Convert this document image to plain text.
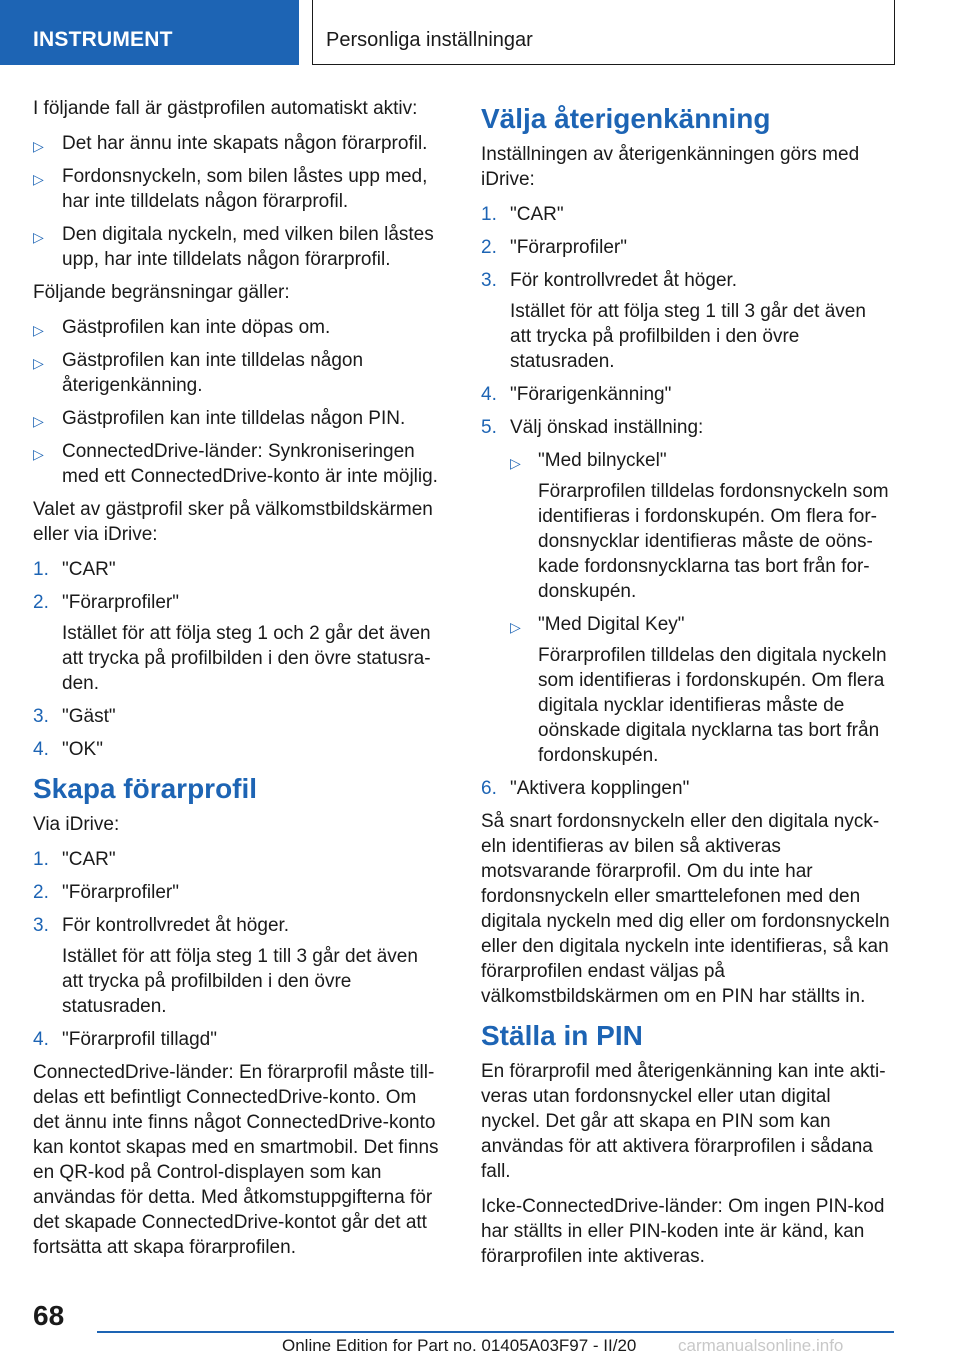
INSTRUMENT	Personliga inställningar

I följande fall är gästprofilen automatiskt aktiv:

▷ Det har ännu inte skapats någon förarprofil.
▷ Fordonsnyckeln, som bilen låstes upp med, har inte tilldelats någon förarprofil.
▷ Den digitala nyckeln, med vilken bilen låstes upp, har inte tilldelats någon förarprofil.

Följande begränsningar gäller:

▷ Gästprofilen kan inte döpas om.
▷ Gästprofilen kan inte tilldelas någon återigenkänning.
▷ Gästprofilen kan inte tilldelas någon PIN.
▷ ConnectedDrive-länder: Synkroniseringen med ett ConnectedDrive-konto är inte möjlig.

Valet av gästprofil sker på välkomstbildskärmen eller via iDrive:

1. "CAR"
2. "Förarprofiler"
Istället för att följa steg 1 och 2 går det även att trycka på profilbilden i den övre statusraden.
3. "Gäst"
4. "OK"
Skapa förarprofil

Via iDrive:

1. "CAR"
2. "Förarprofiler"
3. För kontrollvredet åt höger.
Istället för att följa steg 1 till 3 går det även att trycka på profilbilden i den övre statusraden.
4. "Förarprofil tillagd"

ConnectedDrive-länder: En förarprofil måste tilldelas ett befintligt ConnectedDrive-konto. Om det ännu inte finns något ConnectedDrive-konto kan kontot skapas med en smartmobil. Det finns en QR-kod på Control-displayen som kan användas för detta. Med åtkomstuppgifterna för det skapade ConnectedDrive-kontot går det att fortsätta att skapa förarprofilen.

Välja återigenkänning

Inställningen av återigenkänningen görs med iDrive:

1. "CAR"
2. "Förarprofiler"
3. För kontrollvredet åt höger.
Istället för att följa steg 1 till 3 går det även att trycka på profilbilden i den övre statusraden.
4. "Förarigenkänning"
5. Välj önskad inställning:
▷ "Med bilnyckel"
Förarprofilen tilldelas fordonsnyckeln som identifieras i fordonskupén. Om flera fordonsnycklar identifieras måste de oönskade fordonsnycklarna tas bort från fordonskupén.
▷ "Med Digital Key"
Förarprofilen tilldelas den digitala nyckeln som identifieras i fordonskupén. Om flera digitala nycklar identifieras måste de oönskade digitala nycklarna tas bort från fordonskupén.
6. "Aktivera kopplingen"

Så snart fordonsnyckeln eller den digitala nyckeln identifieras av bilen så aktiveras motsvarande förarprofil. Om du inte har fordonsnyckeln eller smarttelefonen med den digitala nyckeln med dig eller om fordonsnyckeln eller den digitala nyckeln inte identifieras, så kan förarprofilen endast väljas på välkomstbildskärmen om en PIN har ställts in.

Ställa in PIN

En förarprofil med återigenkänning kan inte aktiveras utan fordonsnyckel eller utan digital nyckel. Det går att skapa en PIN som kan användas för att aktivera förarprofilen i sådana fall.

Icke-ConnectedDrive-länder: Om ingen PIN-kod har ställts in eller PIN-koden inte är känd, kan förarprofilen inte aktiveras.

68
Online Edition for Part no. 01405A03F97 - II/20 carmanualsonline.info
